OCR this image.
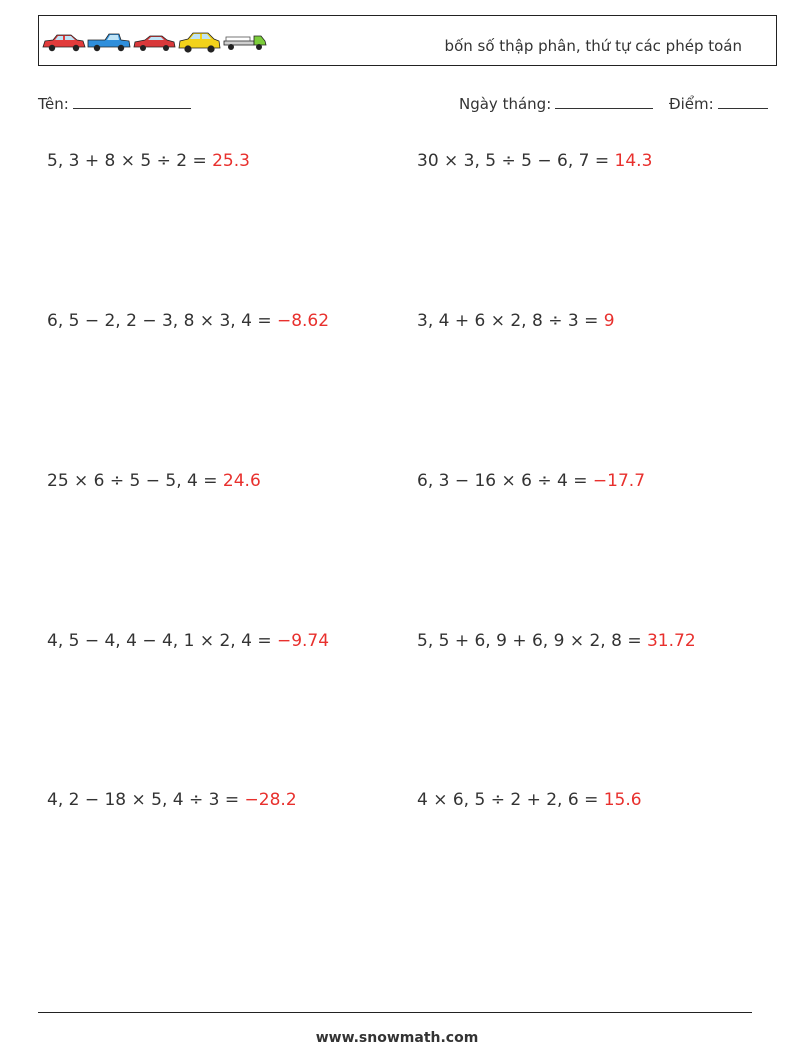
bốn số thập phân, thứ tự các phép toán
Tên:	Ngày tháng:	Điểm:
5, 3 + 8 × 5 ÷ 2 = 25.3	30 × 3, 5 ÷ 5 − 6, 7 = 14.3
6, 5 − 2, 2 − 3, 8 × 3, 4 = −8.62	3, 4 + 6 × 2, 8 ÷ 3 = 9
25 × 6 ÷ 5 − 5, 4 = 24.6	6, 3 − 16 × 6 ÷ 4 = −17.7
4, 5 − 4, 4 − 4, 1 × 2, 4 = −9.74	5, 5 + 6, 9 + 6, 9 × 2, 8 = 31.72
4, 2 − 18 × 5, 4 ÷ 3 = −28.2	4 × 6, 5 ÷ 2 + 2, 6 = 15.6
www.snowmath.com
